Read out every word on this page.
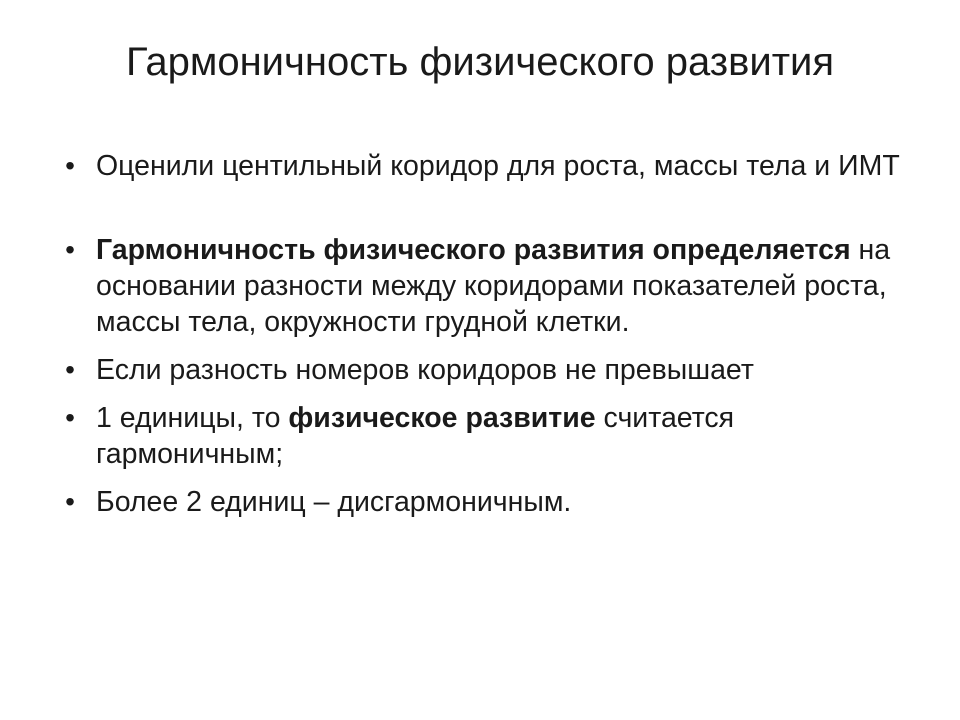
Гармоничность физического развития
• Оценили центильный коридор для роста, массы тела и ИМТ
• Гармоничность физического развития определяется на основании разности между коридорами показателей роста, массы тела, окружности грудной клетки.
• Если разность номеров коридоров не превышает
• 1 единицы, то физическое развитие считается гармоничным;
• Более 2 единиц – дисгармоничным.
